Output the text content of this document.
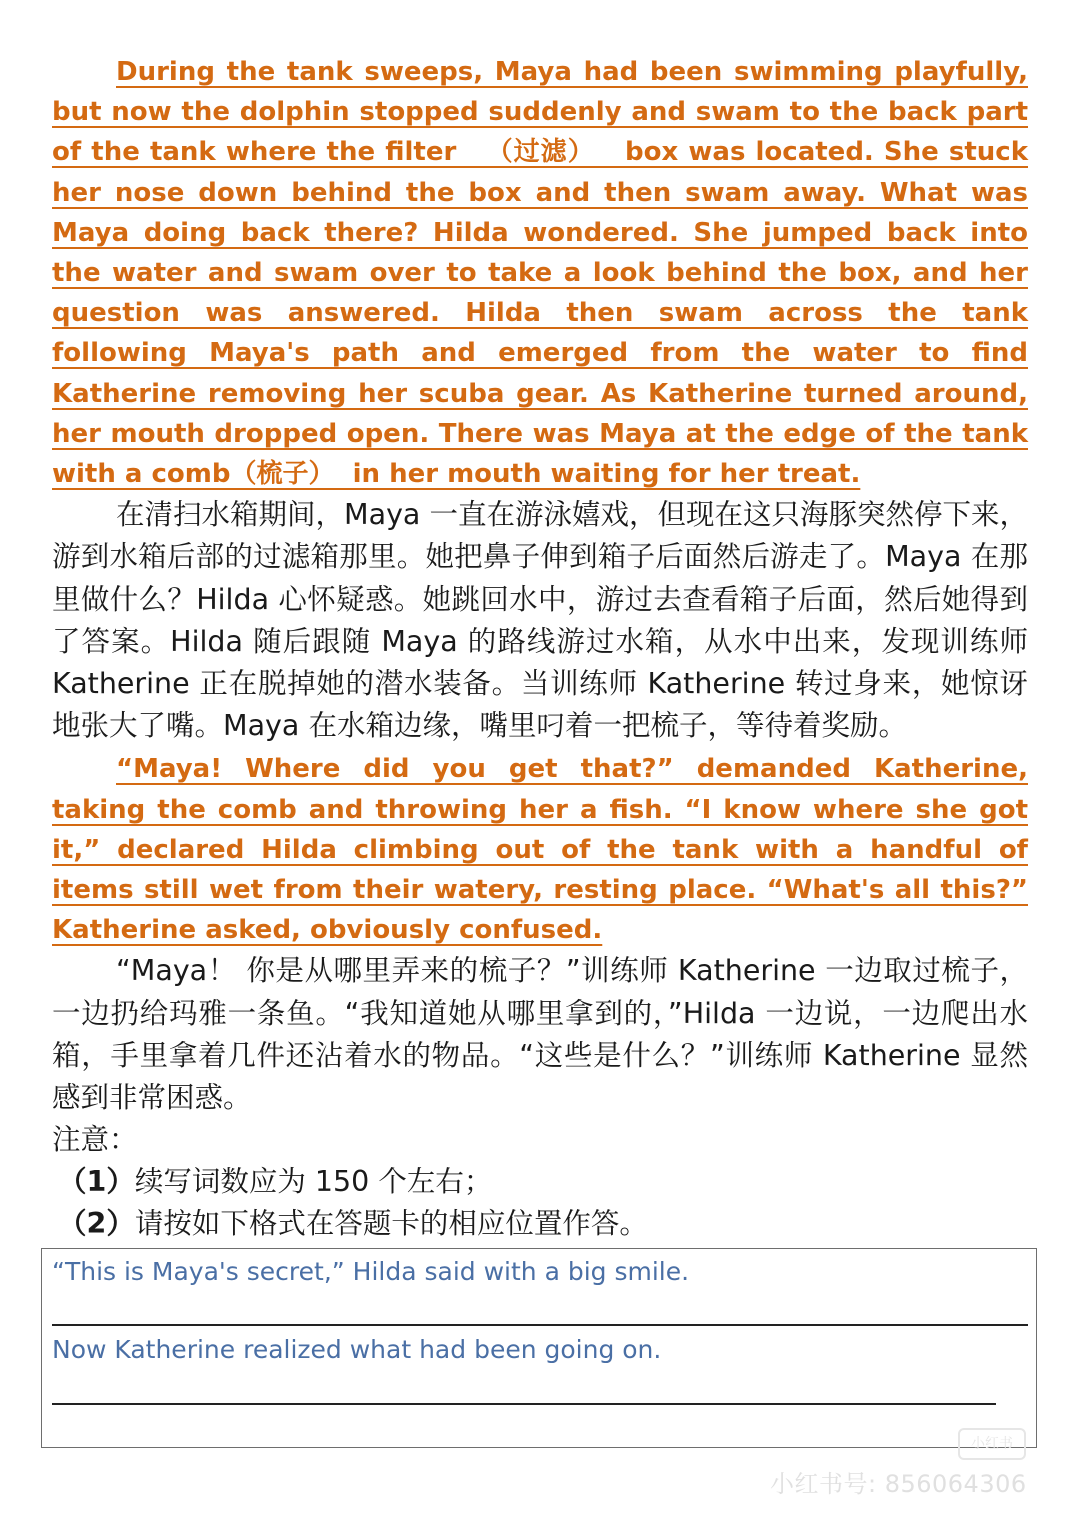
During the tank sweeps, Maya had been swimming playfully, but now the dolphin stopped suddenly and swam to the back part of the tank where the filter   （过滤）   box was located. She stuck her nose down behind the box and then swam away. What was Maya doing back there? Hilda wondered. She jumped back into the water and swam over to take a look behind the box, and her question was answered. Hilda then swam across the tank following Maya's path and emerged from the water to find Katherine removing her scuba gear. As Katherine turned around, her mouth dropped open. There was Maya at the edge of the tank with a comb（梳子）  in her mouth waiting for her treat.

在清扫水箱期间，Maya 一直在游泳嬉戏，但现在这只海豚突然停下来，游到水箱后部的过滤箱那里。她把鼻子伸到箱子后面然后游走了。Maya 在那里做什么？Hilda 心怀疑惑。她跳回水中，游过去查看箱子后面，然后她得到了答案。Hilda 随后跟随 Maya 的路线游过水箱，从水中出来，发现训练师 Katherine 正在脱掉她的潜水装备。当训练师 Katherine 转过身来，她惊讶地张大了嘴。Maya 在水箱边缘，嘴里叼着一把梳子，等待着奖励。

“Maya! Where did you get that?” demanded Katherine, taking the comb and throwing her a fish. “I know where she got it,” declared Hilda climbing out of the tank with a handful of items still wet from their watery, resting place. “What's all this?” Katherine asked, obviously confused.

“Maya！ 你是从哪里弄来的梳子？”训练师 Katherine 一边取过梳子，一边扔给玛雅一条鱼。“我知道她从哪里拿到的，”Hilda 一边说，一边爬出水箱，手里拿着几件还沾着水的物品。“这些是什么？”训练师 Katherine 显然感到非常困惑。

注意：

（1）续写词数应为 150 个左右；

（2）请按如下格式在答题卡的相应位置作答。

“This is Maya's secret,” Hilda said with a big smile.

Now Katherine realized what had been going on.

小红书
小红书号: 856064306
